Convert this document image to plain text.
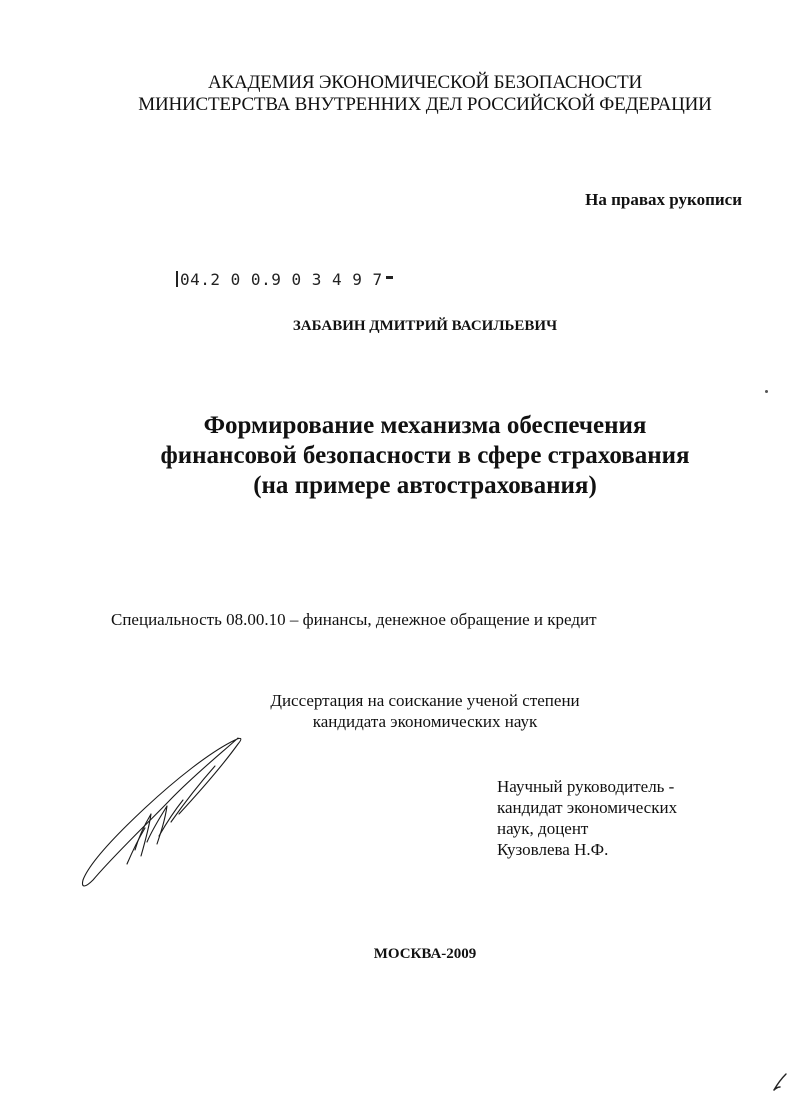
АКАДЕМИЯ ЭКОНОМИЧЕСКОЙ БЕЗОПАСНОСТИ
МИНИСТЕРСТВА ВНУТРЕННИХ ДЕЛ РОССИЙСКОЙ ФЕДЕРАЦИИ
На правах рукописи
04.2 0 0.9 0 3 4 9 7
ЗАБАВИН ДМИТРИЙ ВАСИЛЬЕВИЧ
Формирование механизма обеспечения
финансовой безопасности в сфере страхования
(на примере автострахования)
Специальность 08.00.10 – финансы, денежное обращение и кредит
Диссертация на соискание ученой степени
кандидата экономических наук
Научный руководитель -
кандидат экономических
наук, доцент
Кузовлева Н.Ф.
МОСКВА-2009
